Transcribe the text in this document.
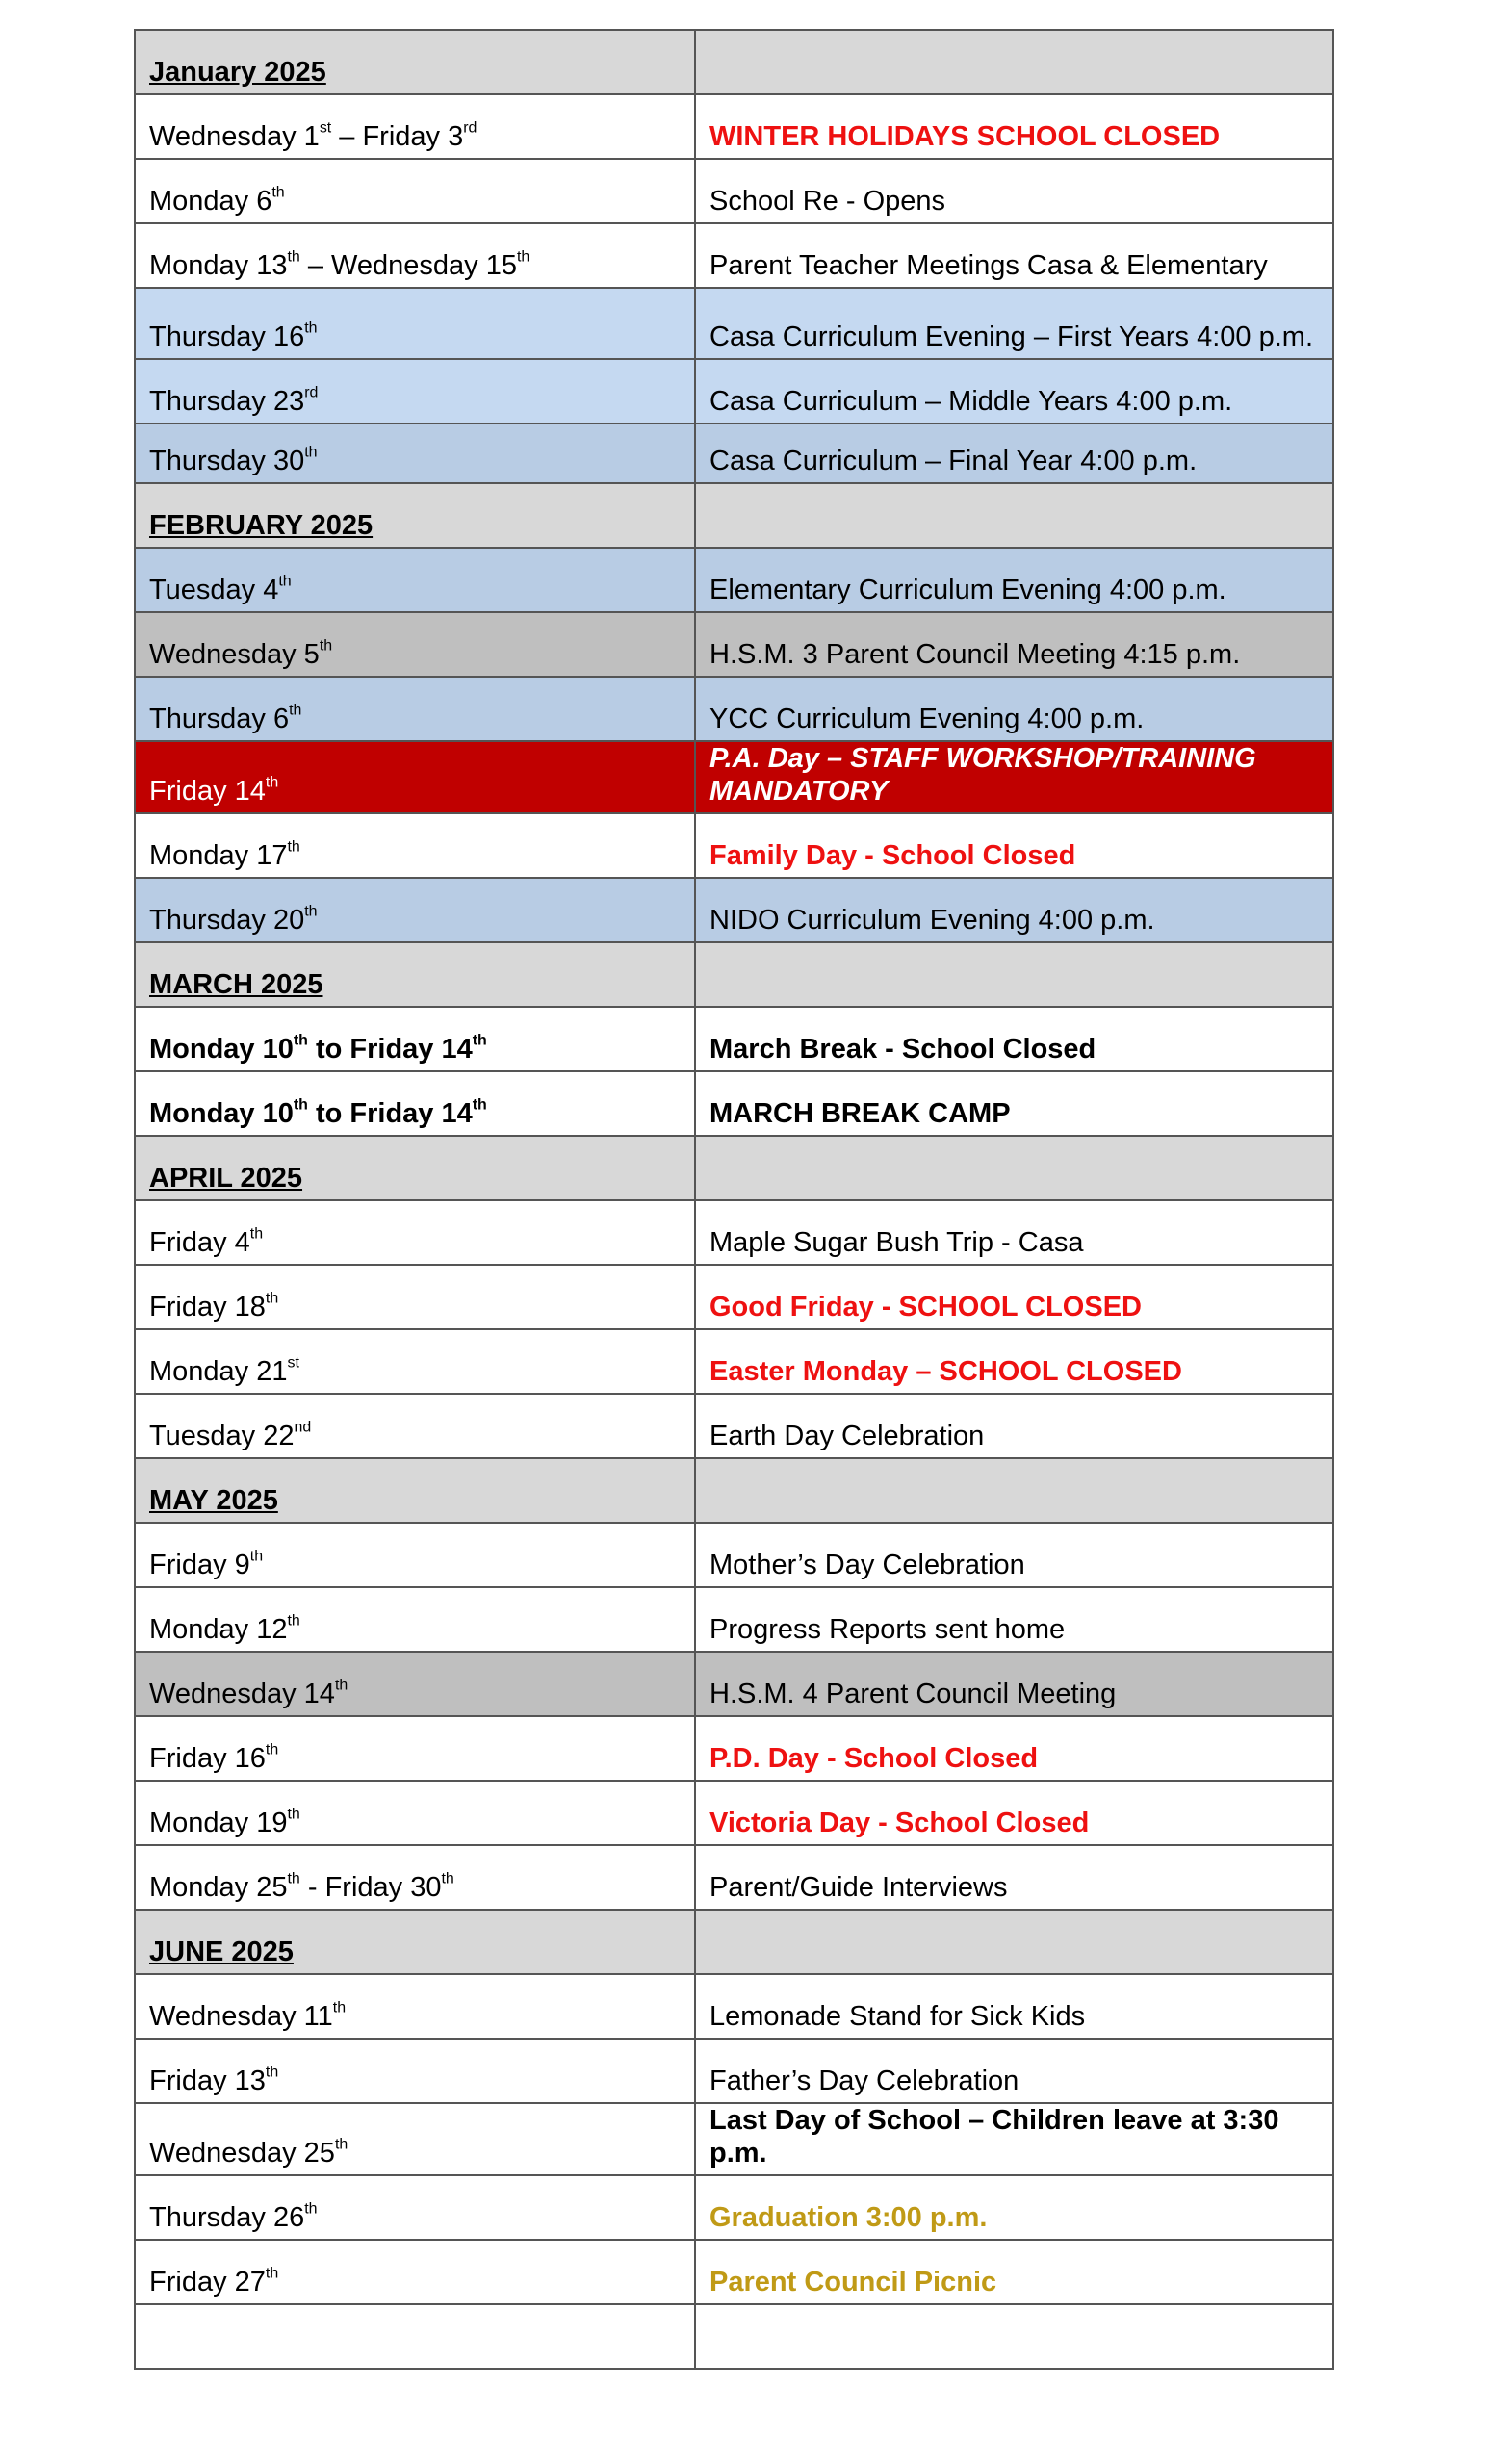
January 2025	
Wednesday 1st – Friday 3rd	WINTER HOLIDAYS SCHOOL CLOSED
Monday 6th	School Re - Opens
Monday 13th – Wednesday 15th	Parent Teacher Meetings Casa & Elementary
Thursday 16th	Casa Curriculum Evening – First Years 4:00 p.m.
Thursday 23rd	Casa Curriculum – Middle Years 4:00 p.m.
Thursday 30th	Casa Curriculum – Final Year 4:00 p.m.
FEBRUARY 2025	
Tuesday 4th	Elementary Curriculum Evening 4:00 p.m.
Wednesday 5th	H.S.M. 3 Parent Council Meeting 4:15 p.m.
Thursday 6th	YCC Curriculum Evening 4:00 p.m.
Friday 14th	P.A. Day – STAFF WORKSHOP/TRAINING MANDATORY
Monday 17th	Family Day - School Closed
Thursday 20th	NIDO Curriculum Evening 4:00 p.m.
MARCH 2025	
Monday 10th to Friday 14th	March Break - School Closed
Monday 10th to Friday 14th	MARCH BREAK CAMP
APRIL 2025	
Friday 4th	Maple Sugar Bush Trip - Casa
Friday 18th	Good Friday - SCHOOL CLOSED
Monday 21st	Easter Monday – SCHOOL CLOSED
Tuesday 22nd	Earth Day Celebration
MAY 2025	
Friday 9th	Mother’s Day Celebration
Monday 12th	Progress Reports sent home
Wednesday 14th	H.S.M. 4 Parent Council Meeting
Friday 16th	P.D. Day - School Closed
Monday 19th	Victoria Day - School Closed
Monday 25th - Friday 30th	Parent/Guide Interviews
JUNE 2025	
Wednesday 11th	Lemonade Stand for Sick Kids
Friday 13th	Father’s Day Celebration
Wednesday 25th	Last Day of School – Children leave at 3:30 p.m.
Thursday 26th	Graduation 3:00 p.m.
Friday 27th	Parent Council Picnic
